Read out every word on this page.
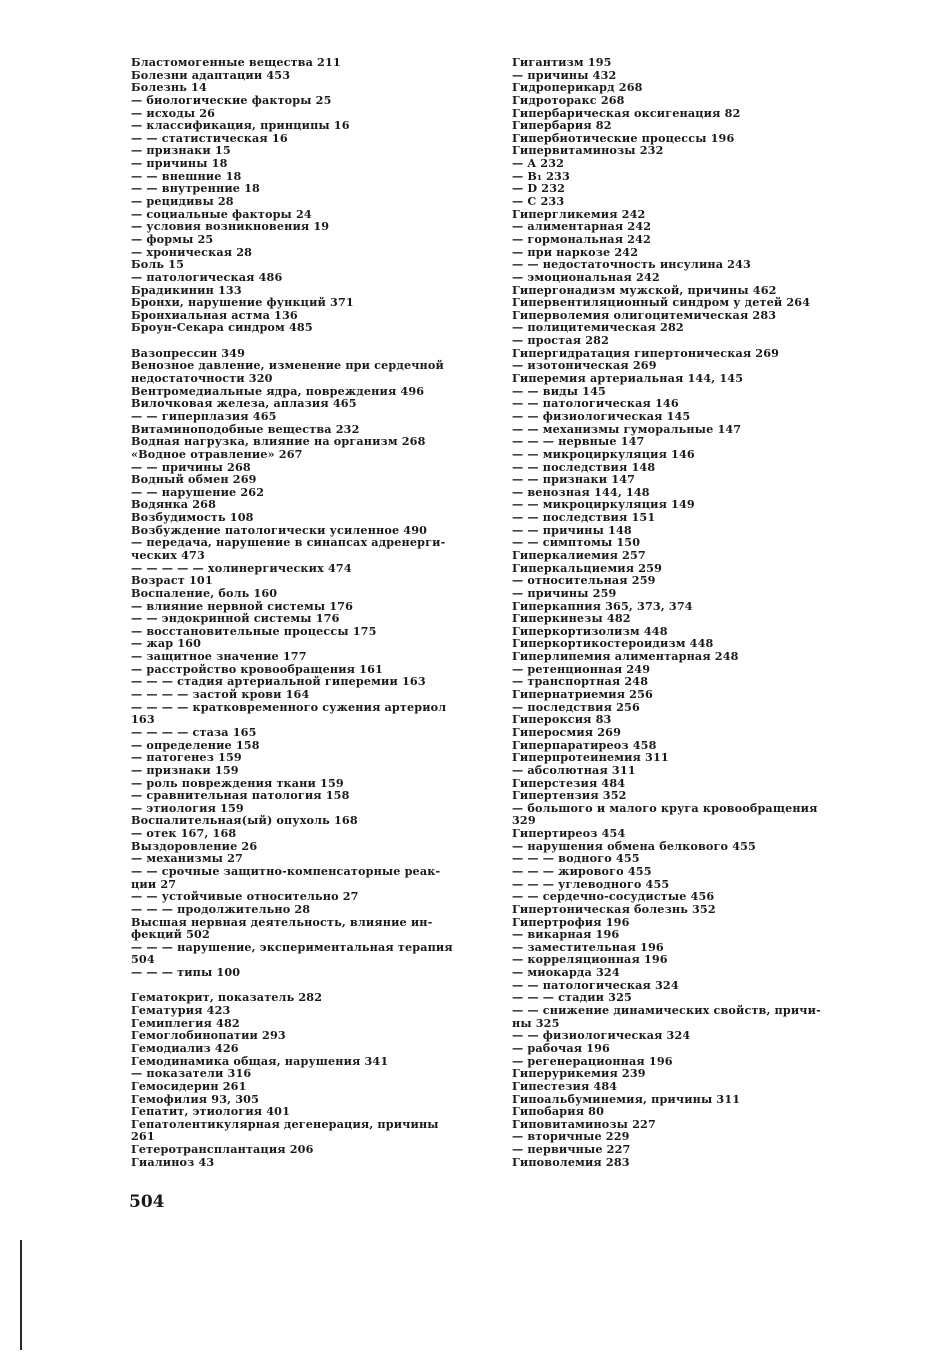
Бластомогенные вещества 211
Болезни адаптации 453
Болезнь 14
— биологические факторы 25
— исходы 26
— классификация, принципы 16
— — статистическая 16
— признаки 15
— причины 18
— — внешние 18
— — внутренние 18
— рецидивы 28
— социальные факторы 24
— условия возникновения 19
— формы 25
— хроническая 28
Боль 15
— патологическая 486
Брадикинин 133
Бронхи, нарушение функций 371
Бронхиальная астма 136
Броун-Секара синдром 485
Вазопрессин 349
Венозное давление, изменение при сердечной
недостаточности 320
Вентромедиальные ядра, повреждения 496
Вилочковая железа, аплазия 465
— — гиперплазия 465
Витаминоподобные вещества 232
Водная нагрузка, влияние на организм 268
«Водное отравление» 267
— — причины 268
Водный обмен 269
— — нарушение 262
Водянка 268
Возбудимость 108
Возбуждение патологически усиленное 490
— передача, нарушение в синапсах адренерги-
ческих 473
— — — — — холинергических 474
Возраст 101
Воспаление, боль 160
— влияние нервной системы 176
— — эндокринной системы 176
— восстановительные процессы 175
— жар 160
— защитное значение 177
— расстройство кровообращения 161
— — — стадия артериальной гиперемии 163
— — — — застой крови 164
— — — — кратковременного сужения артериол
163
— — — — стаза 165
— определение 158
— патогенез 159
— признаки 159
— роль повреждения ткани 159
— сравнительная патология 158
— этиология 159
Воспалительная(ый) опухоль 168
— отек 167, 168
Выздоровление 26
— механизмы 27
— — срочные защитно-компенсаторные реак-
ции 27
— — устойчивые относительно 27
— — — продолжительно 28
Высшая нервная деятельность, влияние ин-
фекций 502
— — — нарушение, экспериментальная терапия
504
— — — типы 100
Гематокрит, показатель 282
Гематурия 423
Гемиплегия 482
Гемоглобинопатии 293
Гемодиализ 426
Гемодинамика общая, нарушения 341
— показатели 316
Гемосидерин 261
Гемофилия 93, 305
Гепатит, этиология 401
Гепатолентикулярная дегенерация, причины
261
Гетеротрансплантация 206
Гиалиноз 43
Гигантизм 195
— причины 432
Гидроперикард 268
Гидроторакс 268
Гипербарическая оксигенация 82
Гипербария 82
Гипербиотические процессы 196
Гипервитаминозы 232
— A 232
— B₁ 233
— D 232
— C 233
Гипергликемия 242
— алиментарная 242
— гормональная 242
— при наркозе 242
— — недостаточность инсулина 243
— эмоциональная 242
Гипергонадизм мужской, причины 462
Гипервентиляционный синдром у детей 264
Гиперволемия олигоцитемическая 283
— полицитемическая 282
— простая 282
Гипергидратация гипертоническая 269
— изотоническая 269
Гиперемия артериальная 144, 145
— — виды 145
— — патологическая 146
— — физиологическая 145
— — механизмы гуморальные 147
— — — нервные 147
— — микроциркуляция 146
— — последствия 148
— — признаки 147
— венозная 144, 148
— — микроциркуляция 149
— — последствия 151
— — причины 148
— — симптомы 150
Гиперкалиемия 257
Гиперкальциемия 259
— относительная 259
— причины 259
Гиперкапния 365, 373, 374
Гиперкинезы 482
Гиперкортизолизм 448
Гиперкортикостероидизм 448
Гиперлипемия алиментарная 248
— ретенционная 249
— транспортная 248
Гипернатриемия 256
— последствия 256
Гипероксия 83
Гиперосмия 269
Гиперпаратиреоз 458
Гиперпротеинемия 311
— абсолютная 311
Гиперстезия 484
Гипертензия 352
— большого и малого круга кровообращения
329
Гипертиреоз 454
— нарушения обмена белкового 455
— — — водного 455
— — — жирового 455
— — — углеводного 455
— — сердечно-сосудистые 456
Гипертоническая болезнь 352
Гипертрофия 196
— викарная 196
— заместительная 196
— корреляционная 196
— миокарда 324
— — патологическая 324
— — — стадии 325
— — снижение динамических свойств, причи-
ны 325
— — физиологическая 324
— рабочая 196
— регенерационная 196
Гиперурикемия 239
Гипестезия 484
Гипоальбуминемия, причины 311
Гипобария 80
Гиповитаминозы 227
— вторичные 229
— первичные 227
Гиповолемия 283
504
